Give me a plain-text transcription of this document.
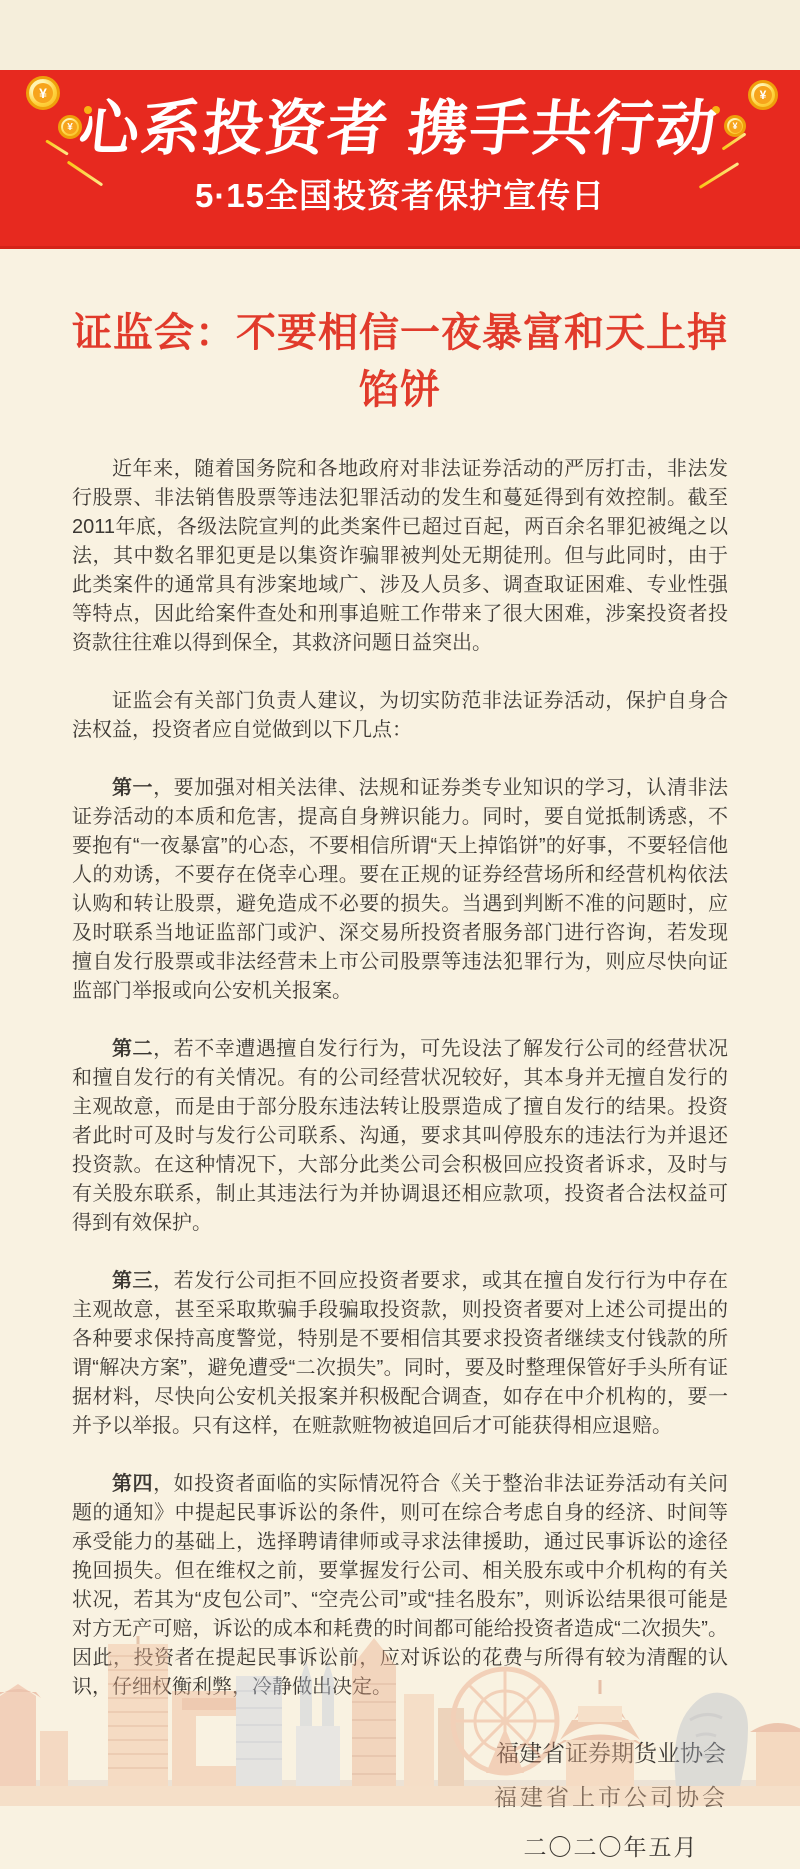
¥
¥
¥
¥
心系投资者 携手共行动
5·15全国投资者保护宣传日
证监会：不要相信一夜暴富和天上掉馅饼

近年来，随着国务院和各地政府对非法证券活动的严厉打击，非法发行股票、非法销售股票等违法犯罪活动的发生和蔓延得到有效控制。截至2011年底，各级法院宣判的此类案件已超过百起，两百余名罪犯被绳之以法，其中数名罪犯更是以集资诈骗罪被判处无期徒刑。但与此同时，由于此类案件的通常具有涉案地域广、涉及人员多、调查取证困难、专业性强等特点，因此给案件查处和刑事追赃工作带来了很大困难，涉案投资者投资款往往难以得到保全，其救济问题日益突出。

证监会有关部门负责人建议，为切实防范非法证券活动，保护自身合法权益，投资者应自觉做到以下几点：

第一，要加强对相关法律、法规和证券类专业知识的学习，认清非法证券活动的本质和危害，提高自身辨识能力。同时，要自觉抵制诱惑，不要抱有“一夜暴富”的心态，不要相信所谓“天上掉馅饼”的好事，不要轻信他人的劝诱，不要存在侥幸心理。要在正规的证券经营场所和经营机构依法认购和转让股票，避免造成不必要的损失。当遇到判断不准的问题时，应及时联系当地证监部门或沪、深交易所投资者服务部门进行咨询，若发现擅自发行股票或非法经营未上市公司股票等违法犯罪行为，则应尽快向证监部门举报或向公安机关报案。

第二，若不幸遭遇擅自发行行为，可先设法了解发行公司的经营状况和擅自发行的有关情况。有的公司经营状况较好，其本身并无擅自发行的主观故意，而是由于部分股东违法转让股票造成了擅自发行的结果。投资者此时可及时与发行公司联系、沟通，要求其叫停股东的违法行为并退还投资款。在这种情况下，大部分此类公司会积极回应投资者诉求，及时与有关股东联系，制止其违法行为并协调退还相应款项，投资者合法权益可得到有效保护。

第三，若发行公司拒不回应投资者要求，或其在擅自发行行为中存在主观故意，甚至采取欺骗手段骗取投资款，则投资者要对上述公司提出的各种要求保持高度警觉，特别是不要相信其要求投资者继续支付钱款的所谓“解决方案”，避免遭受“二次损失”。同时，要及时整理保管好手头所有证据材料，尽快向公安机关报案并积极配合调查，如存在中介机构的，要一并予以举报。只有这样，在赃款赃物被追回后才可能获得相应退赔。

第四，如投资者面临的实际情况符合《关于整治非法证券活动有关问题的通知》中提起民事诉讼的条件，则可在综合考虑自身的经济、时间等承受能力的基础上，选择聘请律师或寻求法律援助，通过民事诉讼的途径挽回损失。但在维权之前，要掌握发行公司、相关股东或中介机构的有关状况，若其为“皮包公司”、“空壳公司”或“挂名股东”，则诉讼结果很可能是对方无产可赔，诉讼的成本和耗费的时间都可能给投资者造成“二次损失”。因此，投资者在提起民事诉讼前，应对诉讼的花费与所得有较为清醒的认识，仔细权衡利弊，冷静做出决定。

福建省证券期货业协会
福建省上市公司协会
二〇二〇年五月
